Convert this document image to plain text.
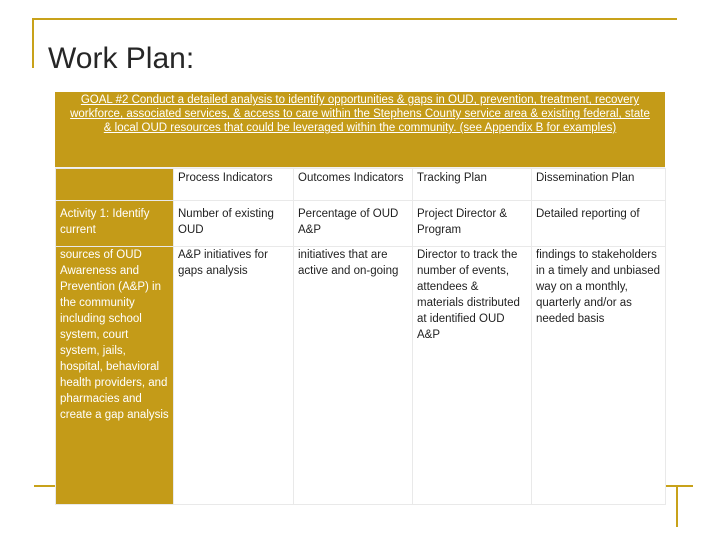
Work Plan:

GOAL #2 Conduct a detailed analysis to identify opportunities & gaps in OUD, prevention, treatment, recovery workforce, associated services, & access to care within the Stephens County service area & existing federal, state & local OUD resources that could be leveraged within the community. (see Appendix B for examples)

	Process Indicators	Outcomes Indicators	Tracking Plan	Dissemination Plan
Activity 1: Identify current	Number of existing OUD	Percentage of OUD A&P	Project Director & Program	Detailed reporting of
sources of OUD Awareness and Prevention (A&P) in the community including school system, court system, jails, hospital, behavioral health providers, and pharmacies and create a gap analysis	A&P initiatives for gaps analysis	initiatives that are active and on-going	Director to track the number of events, attendees & materials distributed at identified OUD A&P	findings to stakeholders in a timely and unbiased way on a monthly, quarterly and/or as needed basis
